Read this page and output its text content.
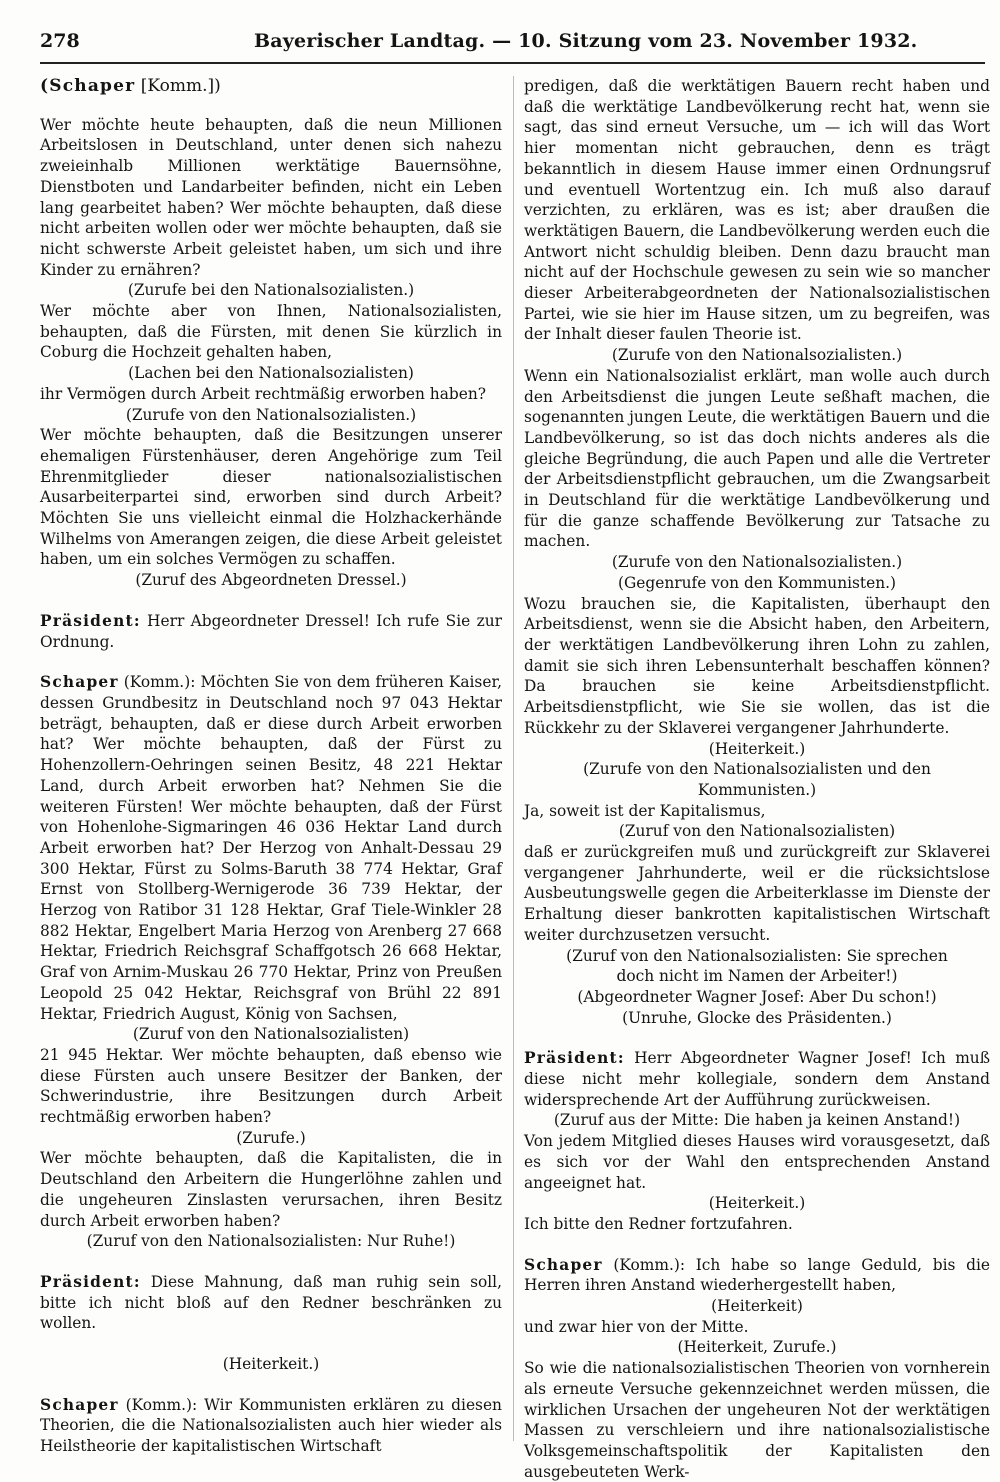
278	Bayerischer Landtag. — 10. Sitzung vom 23. November 1932.

(Schaper [Komm.])

Wer möchte heute behaupten, daß die neun Millionen Arbeitslosen in Deutschland, unter denen sich nahezu zweieinhalb Millionen werktätige Bauernsöhne, Dienstboten und Landarbeiter befinden, nicht ein Leben lang gearbeitet haben? Wer möchte behaupten, daß diese nicht arbeiten wollen oder wer möchte behaupten, daß sie nicht schwerste Arbeit geleistet haben, um sich und ihre Kinder zu ernähren?

(Zurufe bei den Nationalsozialisten.)

Wer möchte aber von Ihnen, Nationalsozialisten, behaupten, daß die Fürsten, mit denen Sie kürzlich in Coburg die Hochzeit gehalten haben,

(Lachen bei den Nationalsozialisten)

ihr Vermögen durch Arbeit rechtmäßig erworben haben?

(Zurufe von den Nationalsozialisten.)

Wer möchte behaupten, daß die Besitzungen unserer ehemaligen Fürstenhäuser, deren Angehörige zum Teil Ehrenmitglieder dieser nationalsozialistischen Ausarbeiterpartei sind, erworben sind durch Arbeit? Möchten Sie uns vielleicht einmal die Holzhackerhände Wilhelms von Amerangen zeigen, die diese Arbeit geleistet haben, um ein solches Vermögen zu schaffen.

(Zuruf des Abgeordneten Dressel.)

Präsident: Herr Abgeordneter Dressel! Ich rufe Sie zur Ordnung.

Schaper (Komm.): Möchten Sie von dem früheren Kaiser, dessen Grundbesitz in Deutschland noch 97 043 Hektar beträgt, behaupten, daß er diese durch Arbeit erworben hat? Wer möchte behaupten, daß der Fürst zu Hohenzollern-Oehringen seinen Besitz, 48 221 Hektar Land, durch Arbeit erworben hat? Nehmen Sie die weiteren Fürsten! Wer möchte behaupten, daß der Fürst von Hohenlohe-Sigmaringen 46 036 Hektar Land durch Arbeit erworben hat? Der Herzog von Anhalt-Dessau 29 300 Hektar, Fürst zu Solms-Baruth 38 774 Hektar, Graf Ernst von Stollberg-Wernigerode 36 739 Hektar, der Herzog von Ratibor 31 128 Hektar, Graf Tiele-Winkler 28 882 Hektar, Engelbert Maria Herzog von Arenberg 27 668 Hektar, Friedrich Reichsgraf Schaffgotsch 26 668 Hektar, Graf von Arnim-Muskau 26 770 Hektar, Prinz von Preußen Leopold 25 042 Hektar, Reichsgraf von Brühl 22 891 Hektar, Friedrich August, König von Sachsen,

(Zuruf von den Nationalsozialisten)

21 945 Hektar. Wer möchte behaupten, daß ebenso wie diese Fürsten auch unsere Besitzer der Banken, der Schwerindustrie, ihre Besitzungen durch Arbeit rechtmäßig erworben haben?

(Zurufe.)

Wer möchte behaupten, daß die Kapitalisten, die in Deutschland den Arbeitern die Hungerlöhne zahlen und die ungeheuren Zinslasten verursachen, ihren Besitz durch Arbeit erworben haben?

(Zuruf von den Nationalsozialisten: Nur Ruhe!)

Präsident: Diese Mahnung, daß man ruhig sein soll, bitte ich nicht bloß auf den Redner beschränken zu wollen.

(Heiterkeit.)

Schaper (Komm.): Wir Kommunisten erklären zu diesen Theorien, die die Nationalsozialisten auch hier wieder als Heilstheorie der kapitalistischen Wirtschaft

predigen, daß die werktätigen Bauern recht haben und daß die werktätige Landbevölkerung recht hat, wenn sie sagt, das sind erneut Versuche, um — ich will das Wort hier momentan nicht gebrauchen, denn es trägt bekanntlich in diesem Hause immer einen Ordnungsruf und eventuell Wortentzug ein. Ich muß also darauf verzichten, zu erklären, was es ist; aber draußen die werktätigen Bauern, die Landbevölkerung werden euch die Antwort nicht schuldig bleiben. Denn dazu braucht man nicht auf der Hochschule gewesen zu sein wie so mancher dieser Arbeiterabgeordneten der Nationalsozialistischen Partei, wie sie hier im Hause sitzen, um zu begreifen, was der Inhalt dieser faulen Theorie ist.

(Zurufe von den Nationalsozialisten.)

Wenn ein Nationalsozialist erklärt, man wolle auch durch den Arbeitsdienst die jungen Leute seßhaft machen, die sogenannten jungen Leute, die werktätigen Bauern und die Landbevölkerung, so ist das doch nichts anderes als die gleiche Begründung, die auch Papen und alle die Vertreter der Arbeitsdienstpflicht gebrauchen, um die Zwangsarbeit in Deutschland für die werktätige Landbevölkerung und für die ganze schaffende Bevölkerung zur Tatsache zu machen.

(Zurufe von den Nationalsozialisten.)

(Gegenrufe von den Kommunisten.)

Wozu brauchen sie, die Kapitalisten, überhaupt den Arbeitsdienst, wenn sie die Absicht haben, den Arbeitern, der werktätigen Landbevölkerung ihren Lohn zu zahlen, damit sie sich ihren Lebensunterhalt beschaffen können? Da brauchen sie keine Arbeitsdienstpflicht. Arbeitsdienstpflicht, wie Sie sie wollen, das ist die Rückkehr zu der Sklaverei vergangener Jahrhunderte.

(Heiterkeit.)

(Zurufe von den Nationalsozialisten und den Kommunisten.)

Ja, soweit ist der Kapitalismus,

(Zuruf von den Nationalsozialisten)

daß er zurückgreifen muß und zurückgreift zur Sklaverei vergangener Jahrhunderte, weil er die rücksichtslose Ausbeutungswelle gegen die Arbeiterklasse im Dienste der Erhaltung dieser bankrotten kapitalistischen Wirtschaft weiter durchzusetzen versucht.

(Zuruf von den Nationalsozialisten: Sie sprechen

doch nicht im Namen der Arbeiter!)

(Abgeordneter Wagner Josef: Aber Du schon!)

(Unruhe, Glocke des Präsidenten.)

Präsident: Herr Abgeordneter Wagner Josef! Ich muß diese nicht mehr kollegiale, sondern dem Anstand widersprechende Art der Aufführung zurückweisen.

(Zuruf aus der Mitte: Die haben ja keinen Anstand!)

Von jedem Mitglied dieses Hauses wird vorausgesetzt, daß es sich vor der Wahl den entsprechenden Anstand angeeignet hat.

(Heiterkeit.)

Ich bitte den Redner fortzufahren.

Schaper (Komm.): Ich habe so lange Geduld, bis die Herren ihren Anstand wiederhergestellt haben,

(Heiterkeit)

und zwar hier von der Mitte.

(Heiterkeit, Zurufe.)

So wie die nationalsozialistischen Theorien von vornherein als erneute Versuche gekennzeichnet werden müssen, die wirklichen Ursachen der ungeheuren Not der werktätigen Massen zu verschleiern und ihre nationalsozialistische Volksgemeinschaftspolitik der Kapitalisten den ausgebeuteten Werk-
